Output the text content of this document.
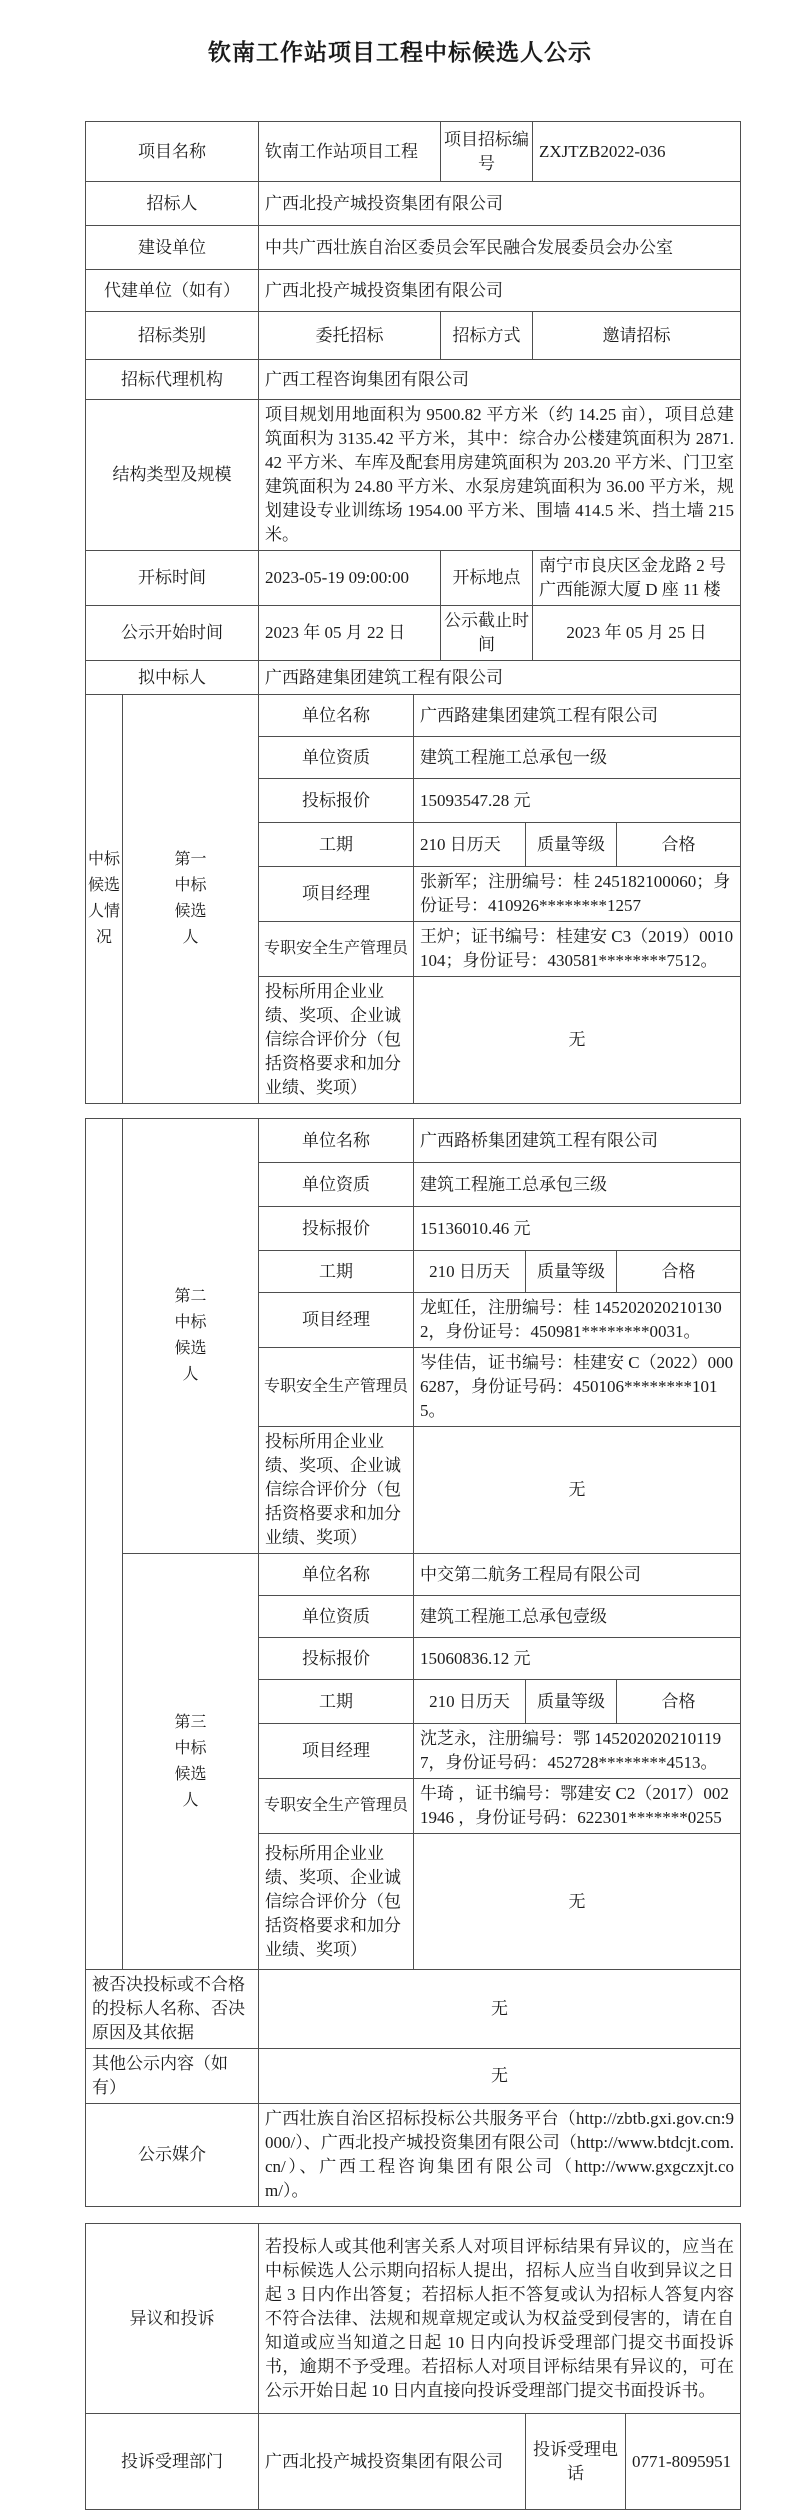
钦南工作站项目工程中标候选人公示
项目名称		钦南工作站项目工程		项目招标编号		ZXJTZB2022-036	
招标人		广西北投产城投资集团有限公司					
建设单位		中共广西壮族自治区委员会军民融合发展委员会办公室					
代建单位（如有）		广西北投产城投资集团有限公司					
招标类别		委托招标		招标方式		邀请招标	
招标代理机构		广西工程咨询集团有限公司					
结构类型及规模		项目规划用地面积为 9500.82 平方米（约 14.25 亩），项目总建筑面积为 3135.42 平方米，其中：综合办公楼建筑面积为 2871.42 平方米、车库及配套用房建筑面积为 203.20 平方米、门卫室建筑面积为 24.80 平方米、水泵房建筑面积为 36.00 平方米，规划建设专业训练场 1954.00 平方米、围墙 414.5 米、挡土墙 215 米。					
开标时间		2023-05-19 09:00:00		开标地点		南宁市良庆区金龙路 2 号广西能源大厦 D 座 11 楼	
公示开始时间		2023 年 05 月 22 日		公示截止时间		2023 年 05 月 25 日	
拟中标人		广西路建集团建筑工程有限公司					
中标候选人情况	第一中标候选人	单位名称	广西路建集团建筑工程有限公司				
		单位资质	建筑工程施工总承包一级				
		投标报价	15093547.28 元				
		工期	210 日历天		质量等级		合格
		项目经理	张新军；注册编号：桂 245182100060；身份证号：410926********1257				
		专职安全生产管理员	王炉；证书编号：桂建安 C3（2019）0010104；身份证号：430581********7512。				
		投标所用企业业绩、奖项、企业诚信综合评价分（包括资格要求和加分业绩、奖项）	无				
	第二中标候选人	单位名称	广西路桥集团建筑工程有限公司		
		单位资质	建筑工程施工总承包三级		
		投标报价	15136010.46 元		
		工期	210 日历天	质量等级	合格
		项目经理	龙虹任，注册编号：桂 1452020202101302，身份证号：450981********0031。		
		专职安全生产管理员	岑佳佶，证书编号：桂建安 C（2022）0006287，身份证号码：450106********1015。		
		投标所用企业业绩、奖项、企业诚信综合评价分（包括资格要求和加分业绩、奖项）	无		
	第三中标候选人	单位名称	中交第二航务工程局有限公司		
		单位资质	建筑工程施工总承包壹级		
		投标报价	15060836.12 元		
		工期	210 日历天	质量等级	合格
		项目经理	沈芝永，注册编号：鄂 1452020202101197，身份证号码：452728********4513。		
		专职安全生产管理员	牛琦 ，证书编号：鄂建安 C2（2017）0021946 ，身份证号码：622301*******0255		
		投标所用企业业绩、奖项、企业诚信综合评价分（包括资格要求和加分业绩、奖项）	无		
被否决投标或不合格的投标人名称、否决原因及其依据		无			
其他公示内容（如有）		无			
公示媒介		广西壮族自治区招标投标公共服务平台（http://zbtb.gxi.gov.cn:9000/）、广西北投产城投资集团有限公司（http://www.btdcjt.com.cn/）、广西工程咨询集团有限公司（http://www.gxgczxjt.com/）。			
异议和投诉	若投标人或其他利害关系人对项目评标结果有异议的，应当在中标候选人公示期向招标人提出，招标人应当自收到异议之日起 3 日内作出答复；若招标人拒不答复或认为招标人答复内容不符合法律、法规和规章规定或认为权益受到侵害的，请在自知道或应当知道之日起 10 日内向投诉受理部门提交书面投诉书，逾期不予受理。若招标人对项目评标结果有异议的，可在公示开始日起 10 日内直接向投诉受理部门提交书面投诉书。		
投诉受理部门	广西北投产城投资集团有限公司	投诉受理电话	0771-8095951
